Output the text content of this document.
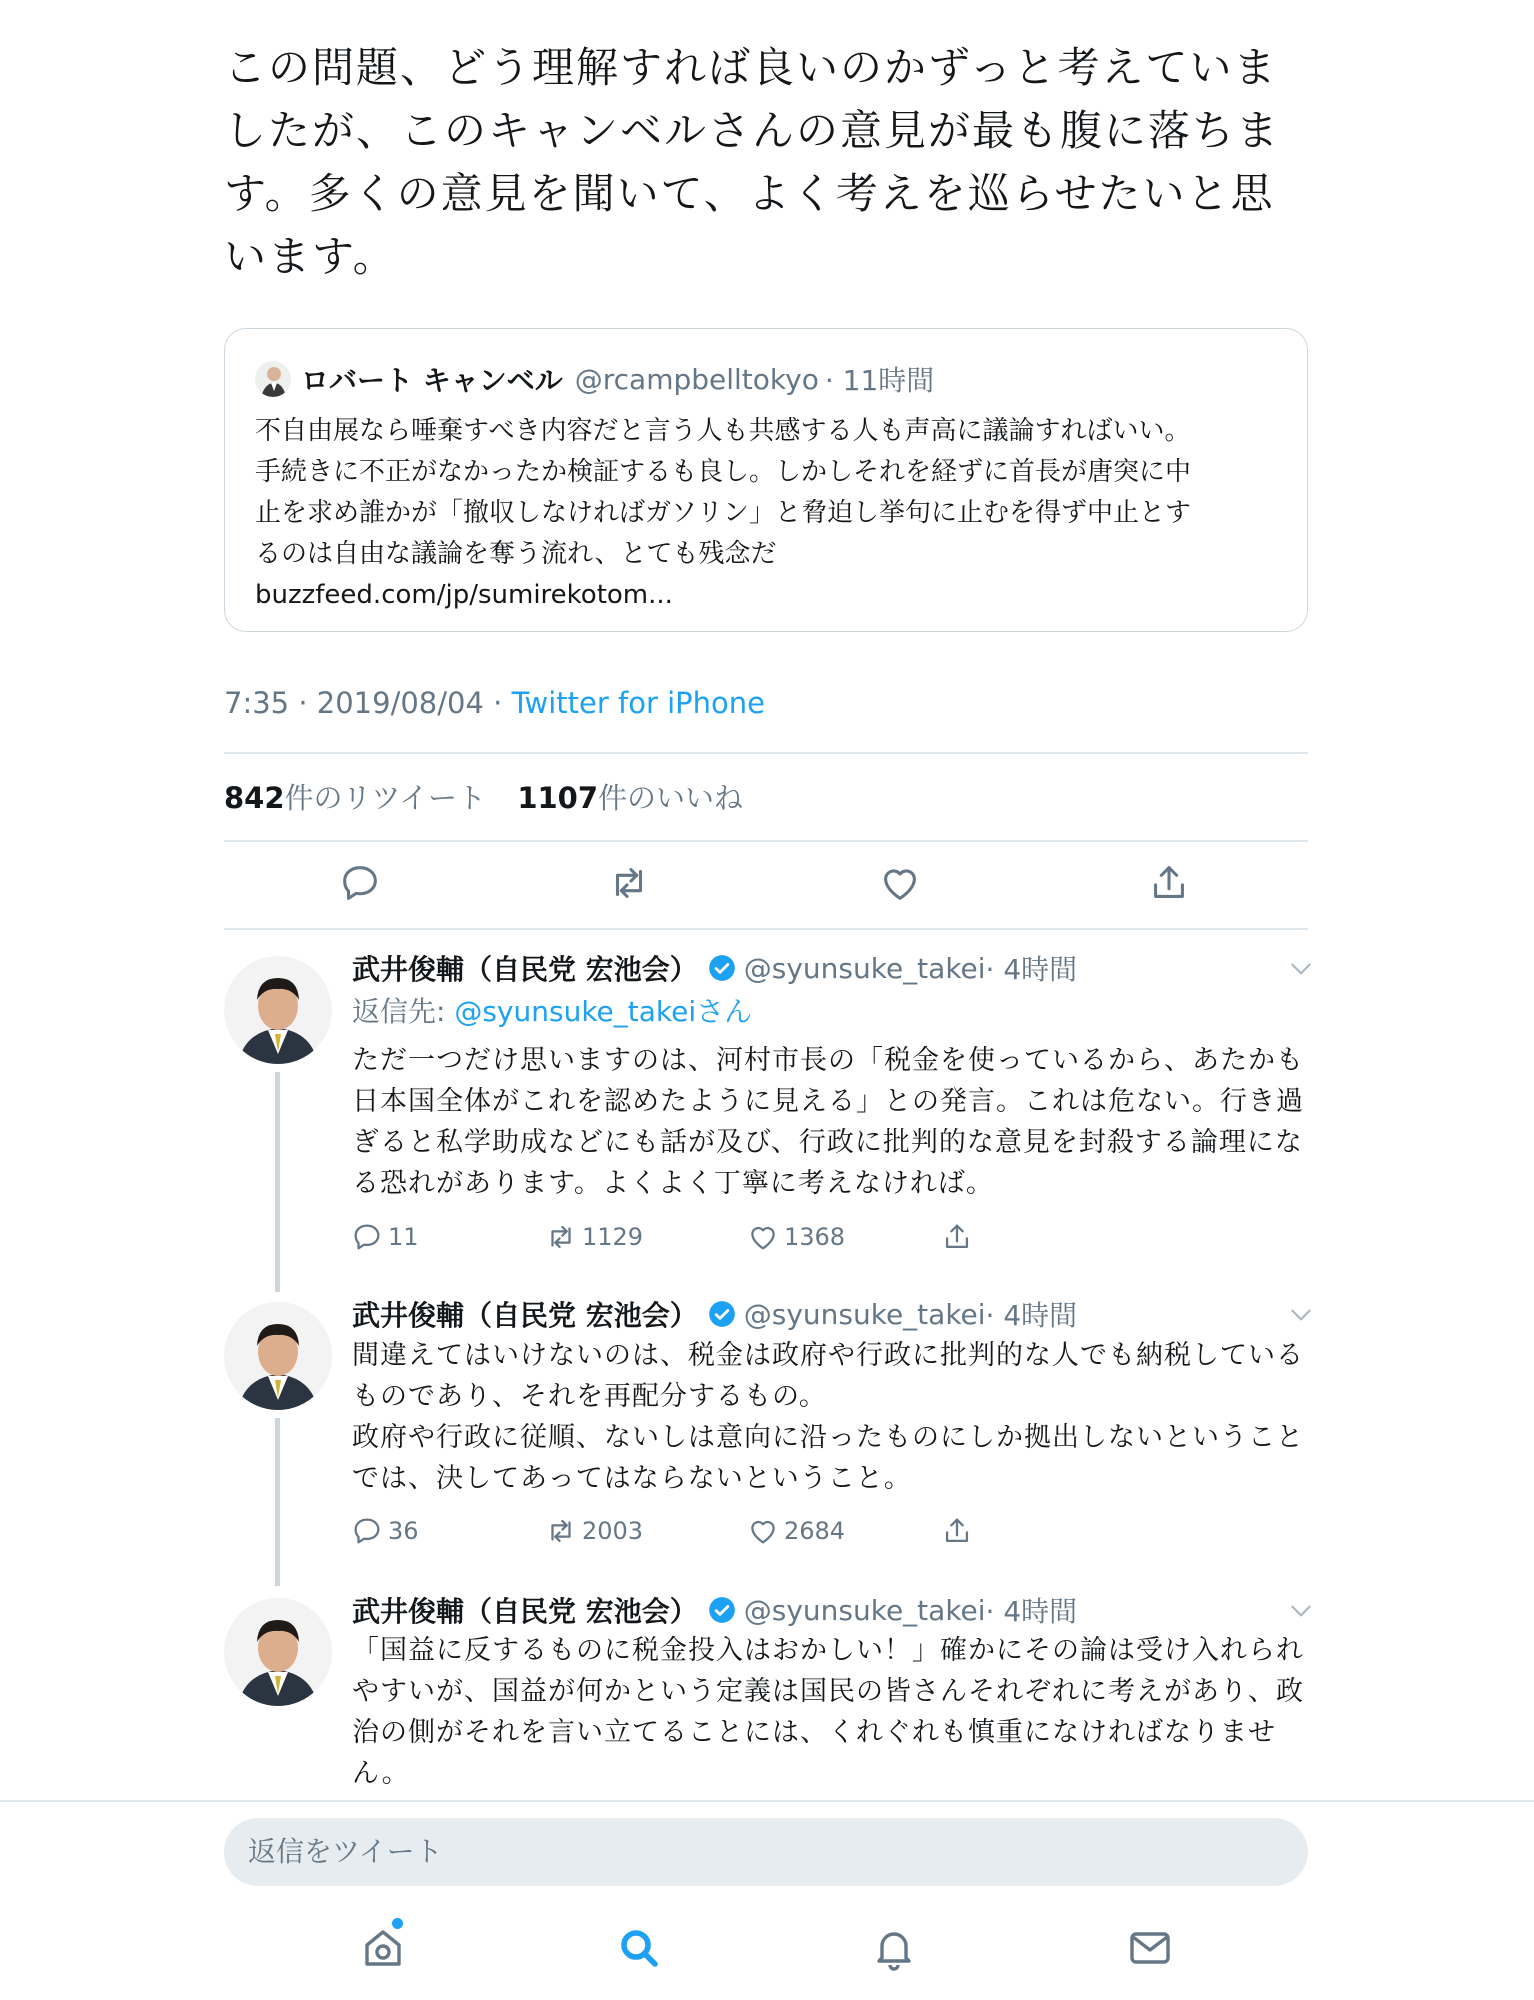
この問題、どう理解すれば良いのかずっと考えていま
したが、このキャンベルさんの意見が最も腹に落ちま
す。多くの意見を聞いて、よく考えを巡らせたいと思
います。
ロバート キャンベル @rcampbelltokyo · 11時間
不自由展なら唾棄すべき内容だと言う人も共感する人も声高に議論すればいい。
手続きに不正がなかったか検証するも良し。しかしそれを経ずに首長が唐突に中
止を求め誰かが「撤収しなければガソリン」と脅迫し挙句に止むを得ず中止とす
るのは自由な議論を奪う流れ、とても残念だ
buzzfeed.com/jp/sumirekotom...
7:35 · 2019/08/04 · Twitter for iPhone
842件のリツイート 1107件のいいね
武井俊輔（自民党 宏池会） @syunsuke_takei · 4時間
返信先: @syunsuke_takeiさん
ただ一つだけ思いますのは、河村市長の「税金を使っているから、あたかも
日本国全体がこれを認めたように見える」との発言。これは危ない。行き過
ぎると私学助成などにも話が及び、行政に批判的な意見を封殺する論理にな
る恐れがあります。よくよく丁寧に考えなければ。
11	1129	1368
武井俊輔（自民党 宏池会） @syunsuke_takei · 4時間
間違えてはいけないのは、税金は政府や行政に批判的な人でも納税している
ものであり、それを再配分するもの。
政府や行政に従順、ないしは意向に沿ったものにしか拠出しないということ
では、決してあってはならないということ。
36	2003	2684
武井俊輔（自民党 宏池会） @syunsuke_takei · 4時間
「国益に反するものに税金投入はおかしい！」確かにその論は受け入れられ
やすいが、国益が何かという定義は国民の皆さんそれぞれに考えがあり、政
治の側がそれを言い立てることには、くれぐれも慎重になければなりませ
ん。
返信をツイート
